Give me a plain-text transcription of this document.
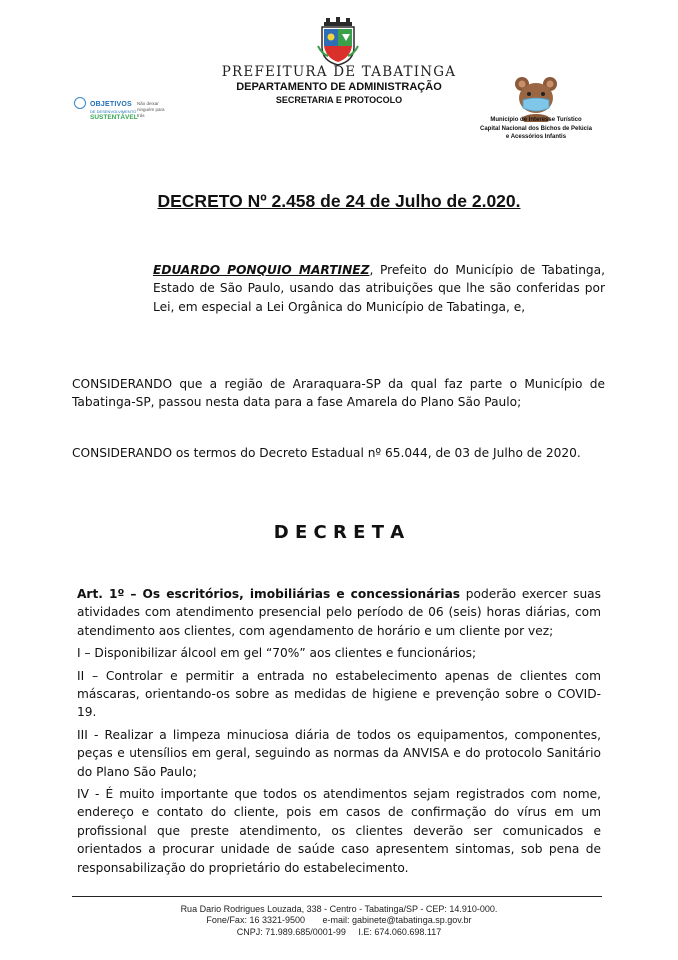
PREFEITURA DE TABATINGA
DEPARTAMENTO DE ADMINISTRAÇÃO
SECRETARIA E PROTOCOLO
OBJETIVOS
DE DESENVOLVIMENTO
SUSTENTÁVEL
Não deixar ninguém para trás
Município de Interesse Turístico
Capital Nacional dos Bichos de Pelúcia
e Acessórios Infantis
DECRETO Nº 2.458 de 24 de Julho de 2.020.
EDUARDO PONQUIO MARTINEZ, Prefeito do Município de Tabatinga, Estado de São Paulo, usando das atribuições que lhe são conferidas por Lei, em especial a Lei Orgânica do Município de Tabatinga, e,
CONSIDERANDO que a região de Araraquara-SP da qual faz parte o Município de Tabatinga-SP, passou nesta data para a fase Amarela do Plano São Paulo;
CONSIDERANDO os termos do Decreto Estadual nº 65.044, de 03 de Julho de 2020.
D E C R E T A

Art. 1º – Os escritórios, imobiliárias e concessionárias poderão exercer suas atividades com atendimento presencial pelo período de 06 (seis) horas diárias, com atendimento aos clientes, com agendamento de horário e um cliente por vez;

I – Disponibilizar álcool em gel “70%” aos clientes e funcionários;

II – Controlar e permitir a entrada no estabelecimento apenas de clientes com máscaras, orientando-os sobre as medidas de higiene e prevenção sobre o COVID-19.

III - Realizar a limpeza minuciosa diária de todos os equipamentos, componentes, peças e utensílios em geral, seguindo as normas da ANVISA e do protocolo Sanitário do Plano São Paulo;

IV - É muito importante que todos os atendimentos sejam registrados com nome, endereço e contato do cliente, pois em casos de confirmação do vírus em um profissional que preste atendimento, os clientes deverão ser comunicados e orientados a procurar unidade de saúde caso apresentem sintomas, sob pena de responsabilização do proprietário do estabelecimento.

Rua Dario Rodrigues Louzada, 338 - Centro - Tabatinga/SP - CEP: 14.910-000.
Fone/Fax: 16 3321-9500       e-mail: gabinete@tabatinga.sp.gov.br
CNPJ: 71.989.685/0001-99     I.E: 674.060.698.117
